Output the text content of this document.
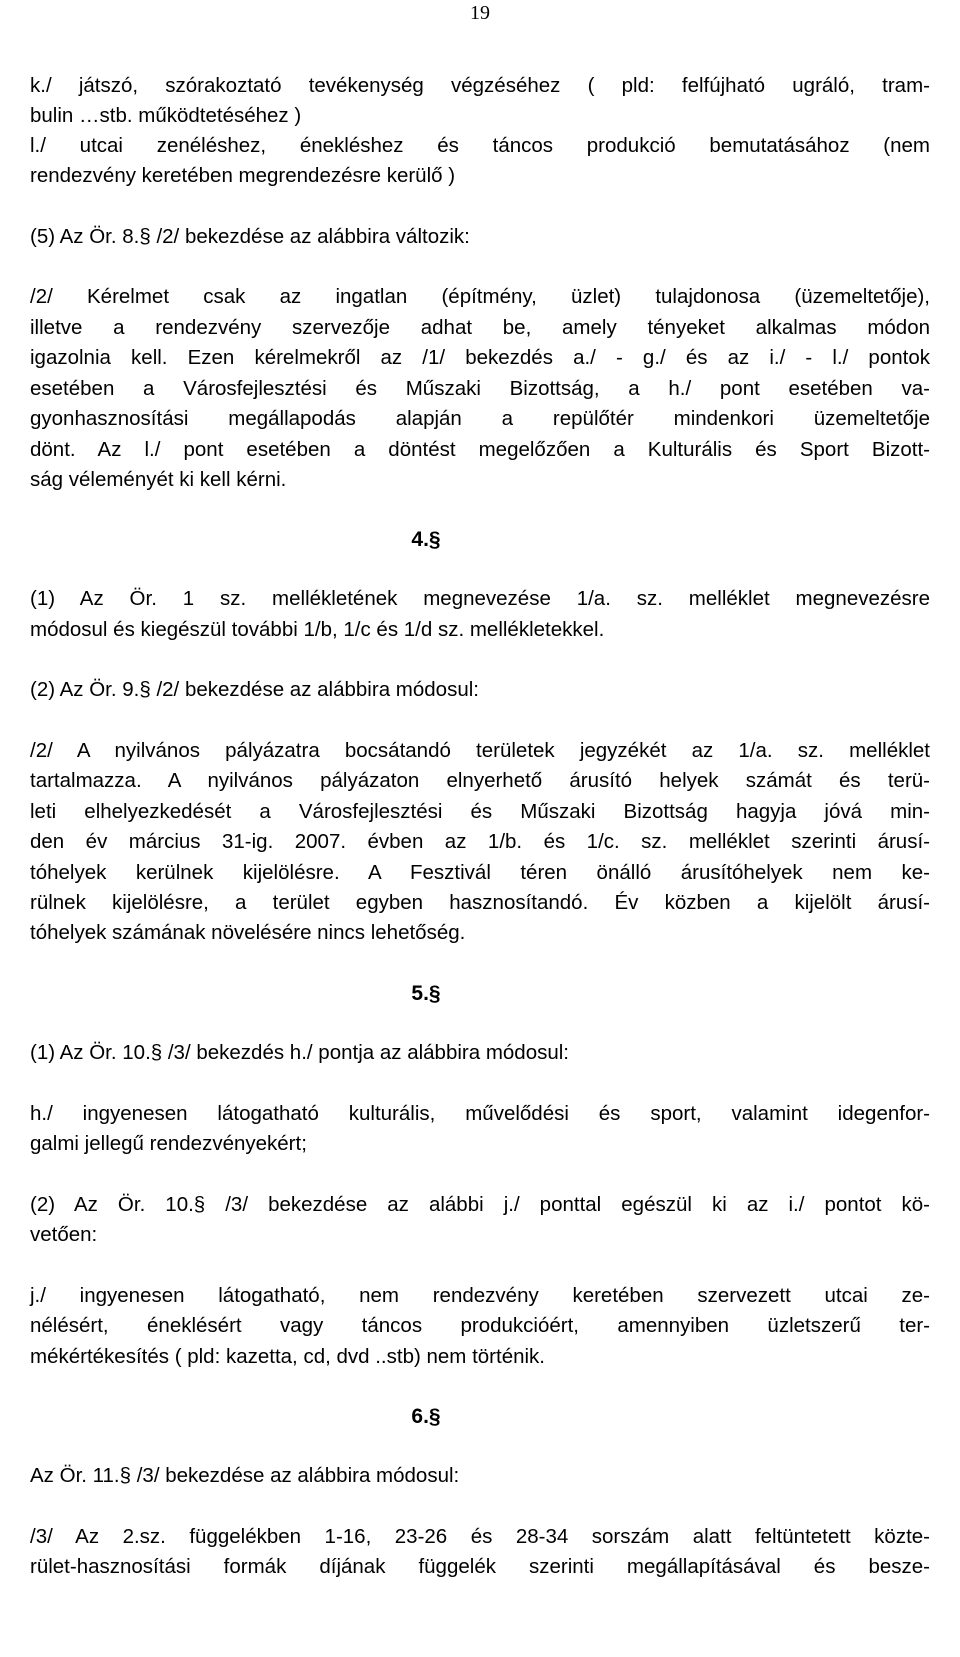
19
k./ játszó, szórakoztató tevékenység végzéséhez ( pld: felfújható ugráló, tram-
bulin …stb. működtetéséhez )
l./ utcai zenéléshez, énekléshez és táncos produkció bemutatásához (nem
rendezvény keretében megrendezésre kerülő )
(5) Az Ör. 8.§ /2/ bekezdése az alábbira változik:
/2/ Kérelmet csak az ingatlan (építmény, üzlet) tulajdonosa (üzemeltetője),
illetve a rendezvény szervezője adhat be, amely tényeket alkalmas módon
igazolnia kell. Ezen kérelmekről az /1/ bekezdés a./ - g./ és az i./ - l./ pontok
esetében a Városfejlesztési és Műszaki Bizottság, a h./ pont esetében va-
gyonhasznosítási megállapodás alapján a repülőtér mindenkori üzemeltetője
dönt. Az l./ pont esetében a döntést megelőzően a Kulturális és Sport Bizott-
ság véleményét ki kell kérni.
4.§
(1) Az Ör. 1 sz. mellékletének megnevezése 1/a. sz. melléklet megnevezésre
módosul és kiegészül további 1/b, 1/c és 1/d sz. mellékletekkel.
(2) Az Ör. 9.§ /2/ bekezdése az alábbira módosul:
/2/ A nyilvános pályázatra bocsátandó területek jegyzékét az 1/a. sz. melléklet
tartalmazza. A nyilvános pályázaton elnyerhető árusító helyek számát és terü-
leti elhelyezkedését a Városfejlesztési és Műszaki Bizottság hagyja jóvá min-
den év március 31-ig. 2007. évben az 1/b. és 1/c. sz. melléklet szerinti árusí-
tóhelyek kerülnek kijelölésre. A Fesztivál téren önálló árusítóhelyek nem ke-
rülnek kijelölésre, a terület egyben hasznosítandó. Év közben a kijelölt árusí-
tóhelyek számának növelésére nincs lehetőség.
5.§
(1) Az Ör. 10.§ /3/ bekezdés h./ pontja az alábbira módosul:
h./ ingyenesen látogatható kulturális, művelődési és sport, valamint idegenfor-
galmi jellegű rendezvényekért;
(2) Az Ör. 10.§ /3/ bekezdése az alábbi j./ ponttal egészül ki az i./ pontot kö-
vetően:
j./ ingyenesen látogatható, nem rendezvény keretében szervezett utcai ze-
nélésért, éneklésért vagy táncos produkcióért, amennyiben üzletszerű ter-
mékértékesítés ( pld: kazetta, cd, dvd ..stb) nem történik.
6.§
Az Ör. 11.§ /3/ bekezdése az alábbira módosul:
/3/ Az 2.sz. függelékben 1-16, 23-26 és 28-34 sorszám alatt feltüntetett közte-
rület-hasznosítási formák díjának függelék szerinti megállapításával és besze-
